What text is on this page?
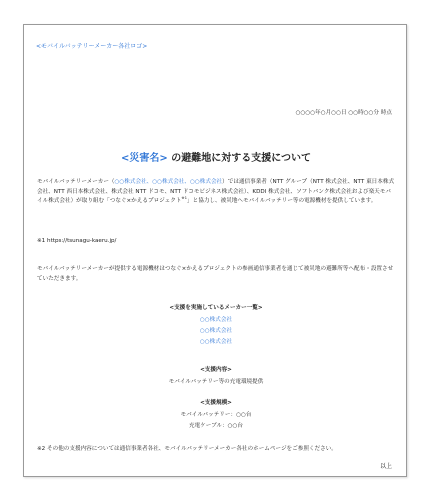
<モバイルバッテリーメーカー各社ロゴ>
○○○○年○月○○日 ○○時○○分 時点
<災害名> の避難地に対する支援について
モバイルバッテリーメーカー（○○株式会社、○○株式会社、○○株式会社）では通信事業者（NTT グループ（NTT 株式会社、NTT 東日本株式会社、NTT 西日本株式会社、株式会社 NTT ドコモ、NTT ドコモビジネス株式会社）、KDDI 株式会社、ソフトバンク株式会社および楽天モバイル株式会社）が取り組む「つなぐ×かえるプロジェクト$^{※1}$」と協力し、被災地へモバイルバッテリー等の電源機材を提供しています。
※1 https://tsunagu-kaeru.jp/
モバイルバッテリーメーカーが提供する電源機材はつなぐ×かえるプロジェクトの参画通信事業者を通じて被災地の避難所等へ配布・設置させていただきます。
<支援を実施しているメーカー一覧>
○○株式会社
○○株式会社
○○株式会社
<支援内容>
モバイルバッテリー等の充電環境提供
<支援規模>
モバイルバッテリー：○○台
充電ケーブル：○○台
※2 その他の支援内容については通信事業者各社、モバイルバッテリーメーカー各社のホームページをご参照ください。
以上
